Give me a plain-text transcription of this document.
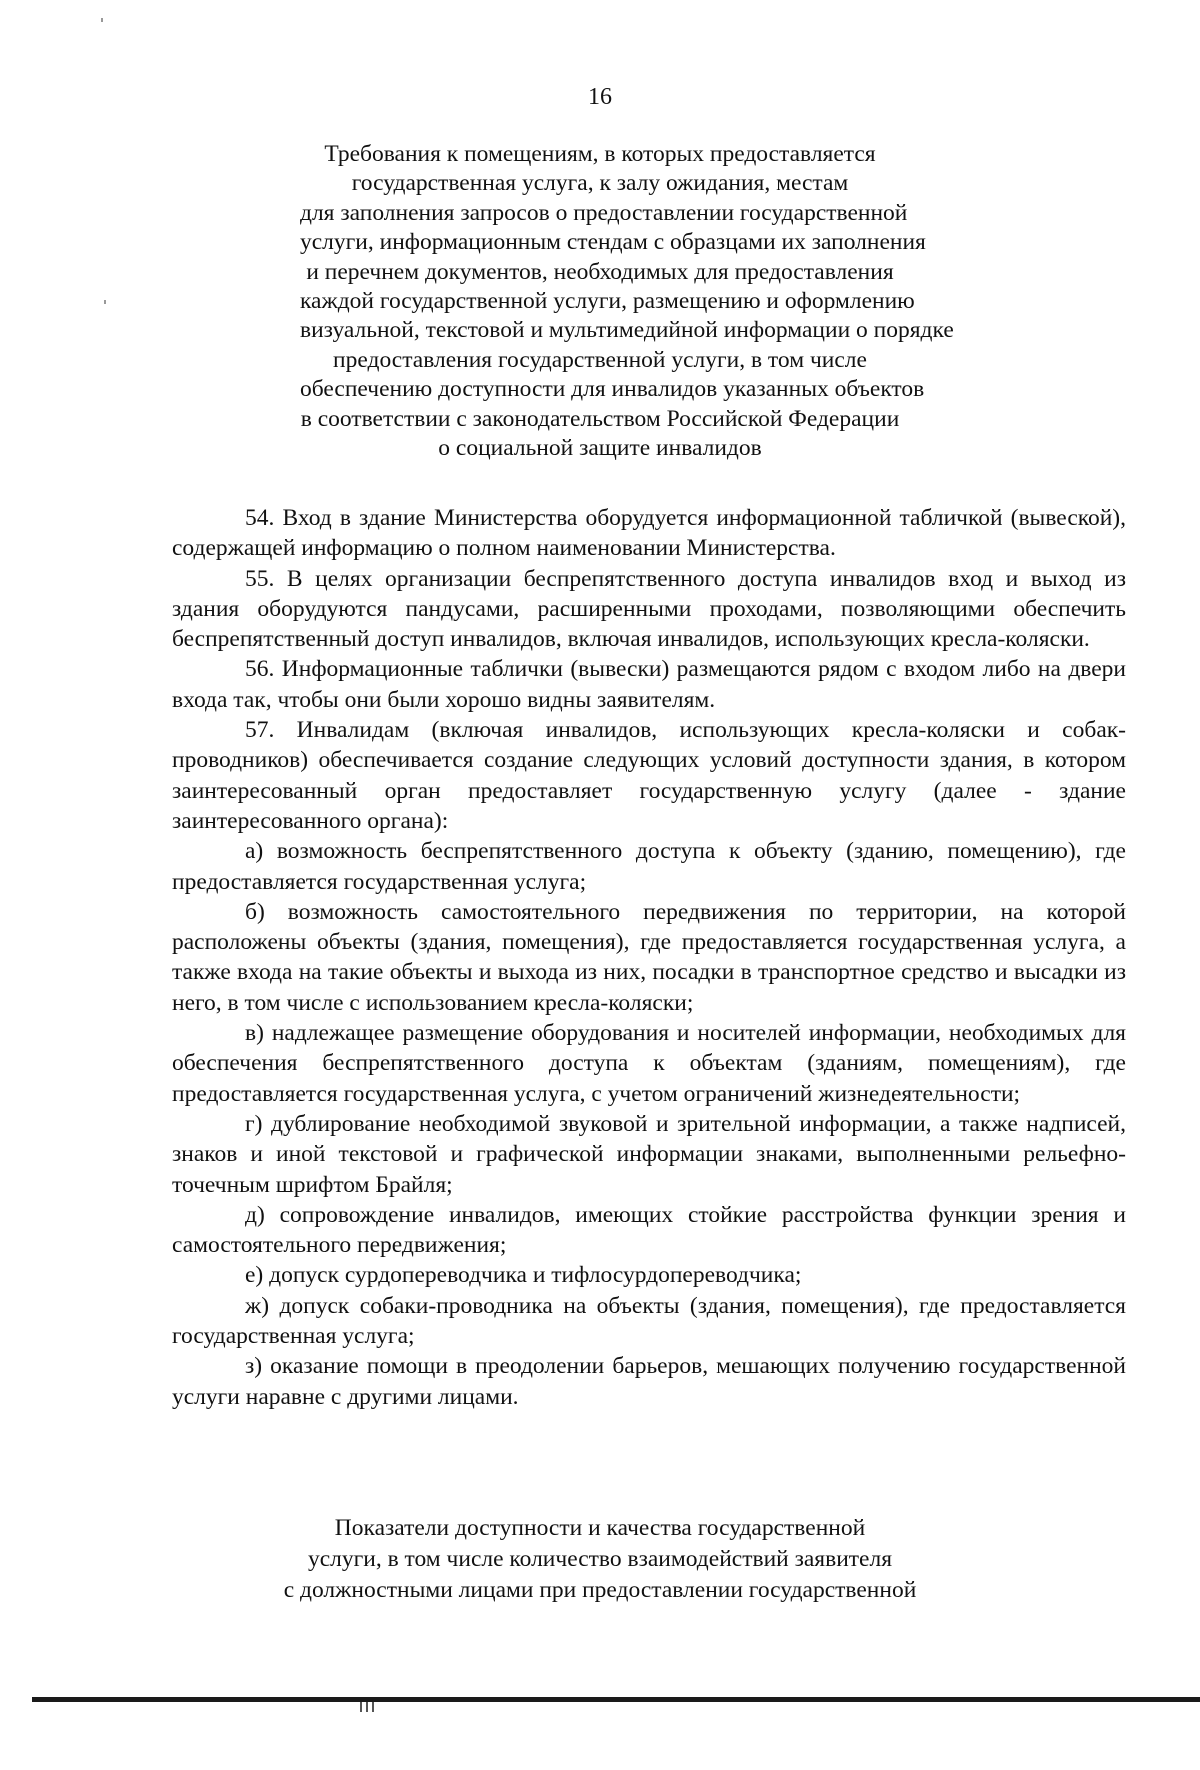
16
Требования к помещениям, в которых предоставляется
государственная услуга, к залу ожидания, местам
для заполнения запросов о предоставлении государственной
услуги, информационным стендам с образцами их заполнения
и перечнем документов, необходимых для предоставления
каждой государственной услуги, размещению и оформлению
визуальной, текстовой и мультимедийной информации о порядке
предоставления государственной услуги, в том числе
обеспечению доступности для инвалидов указанных объектов
в соответствии с законодательством Российской Федерации
о социальной защите инвалидов

54. Вход в здание Министерства оборудуется информационной табличкой (вывеской), содержащей информацию о полном наименовании Министерства.

55. В целях организации беспрепятственного доступа инвалидов вход и выход из здания оборудуются пандусами, расширенными проходами, позволяющими обеспечить беспрепятственный доступ инвалидов, включая инвалидов, использующих кресла-коляски.

56. Информационные таблички (вывески) размещаются рядом с входом либо на двери входа так, чтобы они были хорошо видны заявителям.

57. Инвалидам (включая инвалидов, использующих кресла-коляски и собак-проводников) обеспечивается создание следующих условий доступности здания, в котором заинтересованный орган предоставляет государственную услугу (далее - здание заинтересованного органа):

а) возможность беспрепятственного доступа к объекту (зданию, помещению), где предоставляется государственная услуга;

б) возможность самостоятельного передвижения по территории, на которой расположены объекты (здания, помещения), где предоставляется государственная услуга, а также входа на такие объекты и выхода из них, посадки в транспортное средство и высадки из него, в том числе с использованием кресла-коляски;

в) надлежащее размещение оборудования и носителей информации, необходимых для обеспечения беспрепятственного доступа к объектам (зданиям, помещениям), где предоставляется государственная услуга, с учетом ограничений жизнедеятельности;

г) дублирование необходимой звуковой и зрительной информации, а также надписей, знаков и иной текстовой и графической информации знаками, выполненными рельефно-точечным шрифтом Брайля;

д) сопровождение инвалидов, имеющих стойкие расстройства функции зрения и самостоятельного передвижения;

е) допуск сурдопереводчика и тифлосурдопереводчика;

ж) допуск собаки-проводника на объекты (здания, помещения), где предоставляется государственная услуга;

з) оказание помощи в преодолении барьеров, мешающих получению государственной услуги наравне с другими лицами.

Показатели доступности и качества государственной
услуги, в том числе количество взаимодействий заявителя
с должностными лицами при предоставлении государственной
